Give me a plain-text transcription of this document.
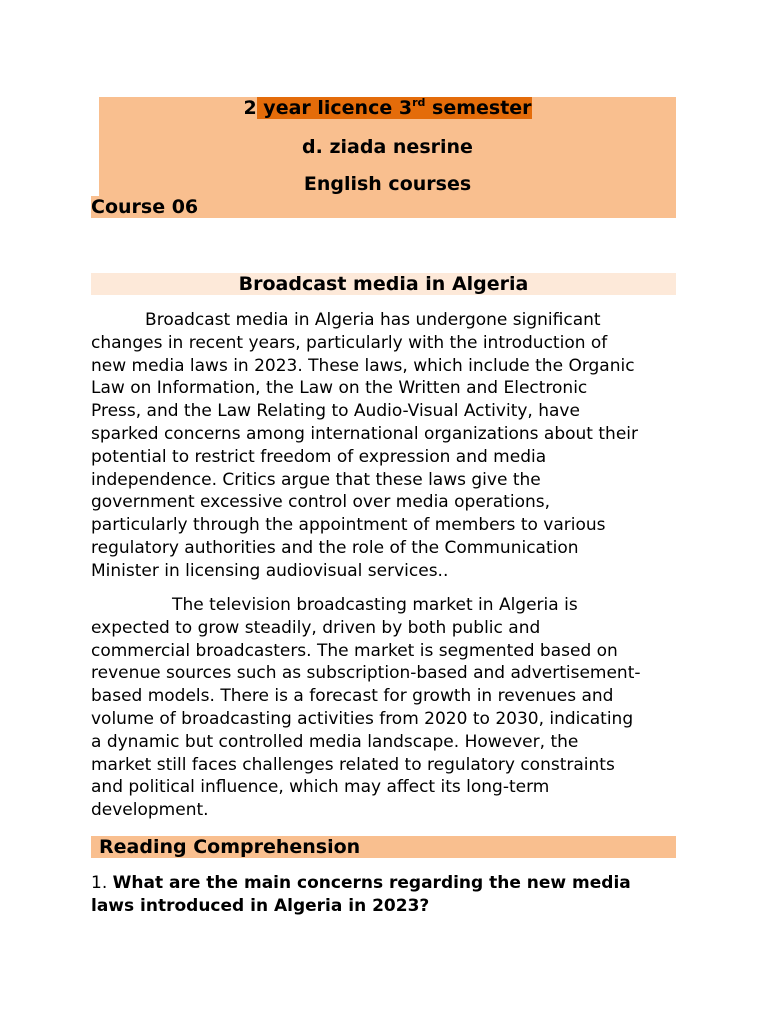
2 year licence 3rd semester
d. ziada nesrine
English courses
Course 06
Broadcast media in Algeria
Broadcast media in Algeria has undergone significant
changes in recent years, particularly with the introduction of
new media laws in 2023. These laws, which include the Organic
Law on Information, the Law on the Written and Electronic
Press, and the Law Relating to Audio-Visual Activity, have
sparked concerns among international organizations about their
potential to restrict freedom of expression and media
independence. Critics argue that these laws give the
government excessive control over media operations,
particularly through the appointment of members to various
regulatory authorities and the role of the Communication
Minister in licensing audiovisual services..
The television broadcasting market in Algeria is
expected to grow steadily, driven by both public and
commercial broadcasters. The market is segmented based on
revenue sources such as subscription-based and advertisement-
based models. There is a forecast for growth in revenues and
volume of broadcasting activities from 2020 to 2030, indicating
a dynamic but controlled media landscape. However, the
market still faces challenges related to regulatory constraints
and political influence, which may affect its long-term
development.
Reading Comprehension
1. What are the main concerns regarding the new media
laws introduced in Algeria in 2023?
